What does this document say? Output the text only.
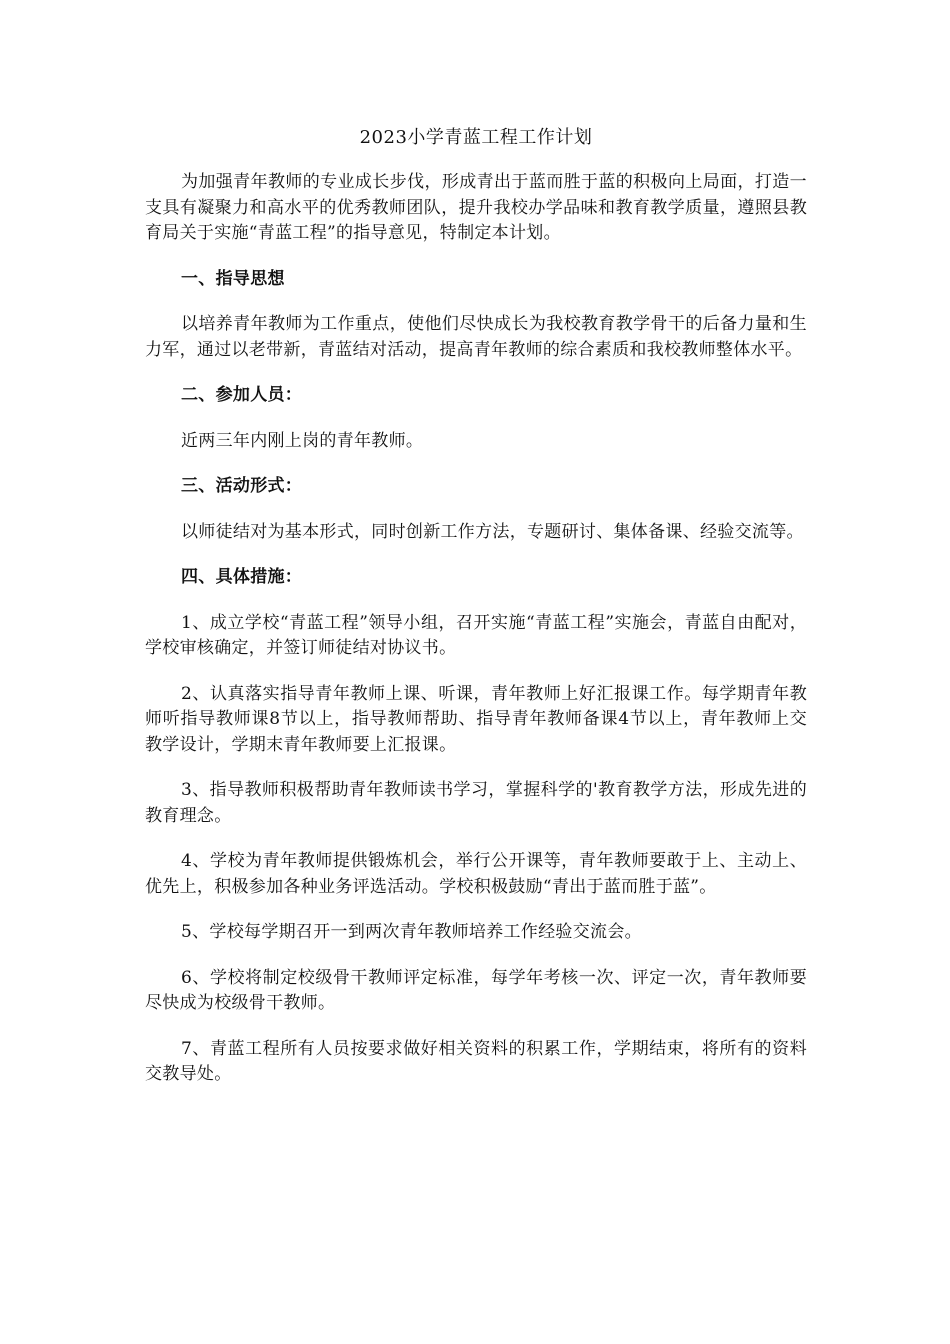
2023小学青蓝工程工作计划

为加强青年教师的专业成长步伐，形成青出于蓝而胜于蓝的积极向上局面，打造一支具有凝聚力和高水平的优秀教师团队，提升我校办学品味和教育教学质量，遵照县教育局关于实施“青蓝工程”的指导意见，特制定本计划。

一、指导思想

以培养青年教师为工作重点，使他们尽快成长为我校教育教学骨干的后备力量和生力军，通过以老带新，青蓝结对活动，提高青年教师的综合素质和我校教师整体水平。

二、参加人员：

近两三年内刚上岗的青年教师。

三、活动形式：

以师徒结对为基本形式，同时创新工作方法，专题研讨、集体备课、经验交流等。

四、具体措施：

1、成立学校“青蓝工程”领导小组，召开实施“青蓝工程”实施会，青蓝自由配对，学校审核确定，并签订师徒结对协议书。

2、认真落实指导青年教师上课、听课，青年教师上好汇报课工作。每学期青年教师听指导教师课8节以上，指导教师帮助、指导青年教师备课4节以上，青年教师上交教学设计，学期末青年教师要上汇报课。

3、指导教师积极帮助青年教师读书学习，掌握科学的'教育教学方法，形成先进的教育理念。

4、学校为青年教师提供锻炼机会，举行公开课等，青年教师要敢于上、主动上、优先上，积极参加各种业务评选活动。学校积极鼓励“青出于蓝而胜于蓝”。

5、学校每学期召开一到两次青年教师培养工作经验交流会。

6、学校将制定校级骨干教师评定标准，每学年考核一次、评定一次，青年教师要尽快成为校级骨干教师。

7、青蓝工程所有人员按要求做好相关资料的积累工作，学期结束，将所有的资料交教导处。
